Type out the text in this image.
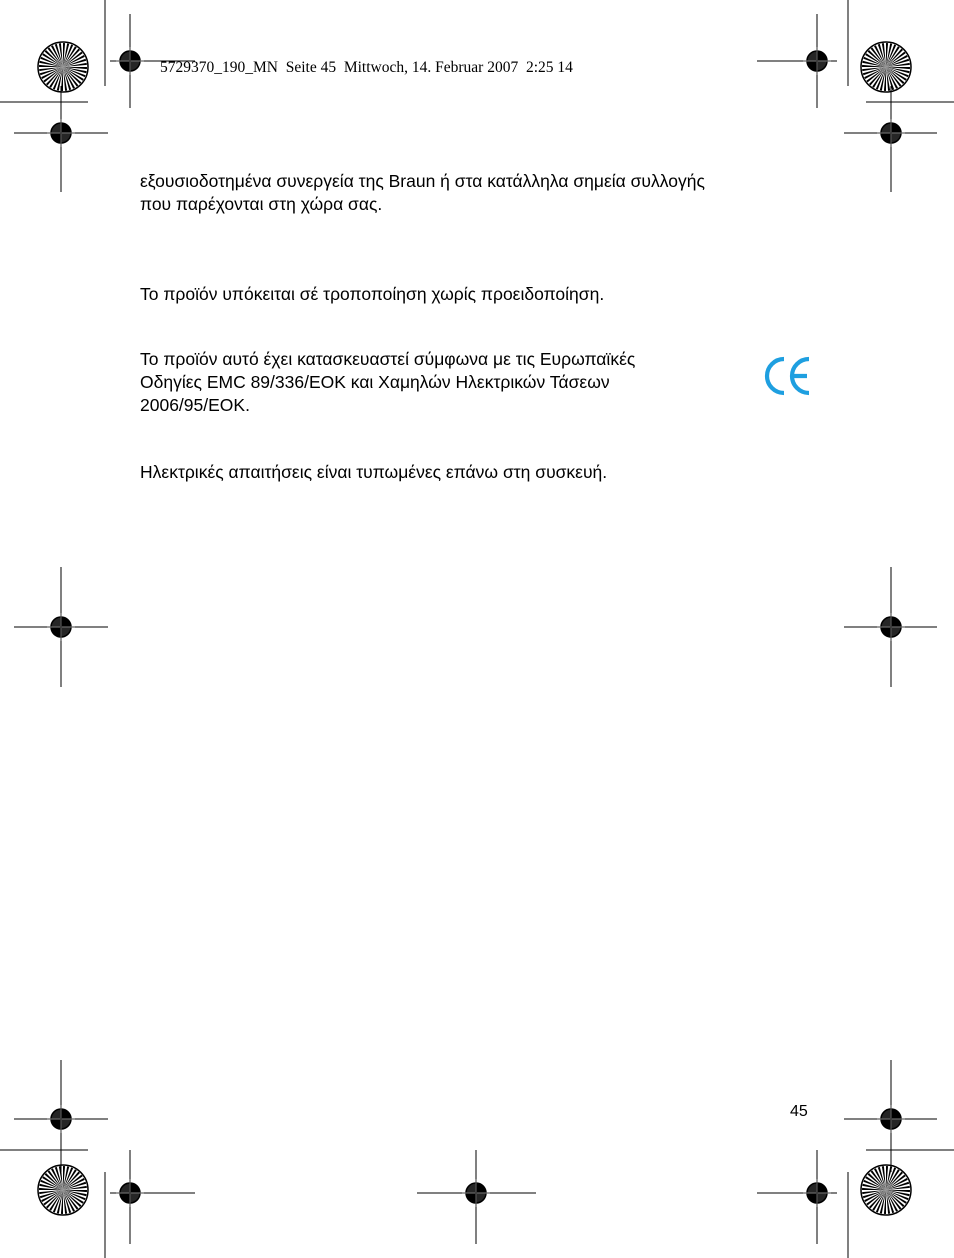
5729370_190_MN  Seite 45  Mittwoch, 14. Februar 2007  2:25 14
εξουσιοδοτημένα συνεργεία της Braun ή στα κατάλληλα σημεία συλλογής
που παρέχονται στη χώρα σας.
Το προϊόν υπόκειται σέ τροποποίηση χωρίς προειδοποίηση.
Το προϊόν αυτό έχει κατασκευαστεί σύμφωνα με τις Ευρωπαϊκές
Οδηγίες EMC 89/336/EOK και Χαμηλών Ηλεκτρικών Τάσεων
2006/95/EOK.
Ηλεκτρικές απαιτήσεις είναι τυπωμένες επάνω στη συσκευή.
45
